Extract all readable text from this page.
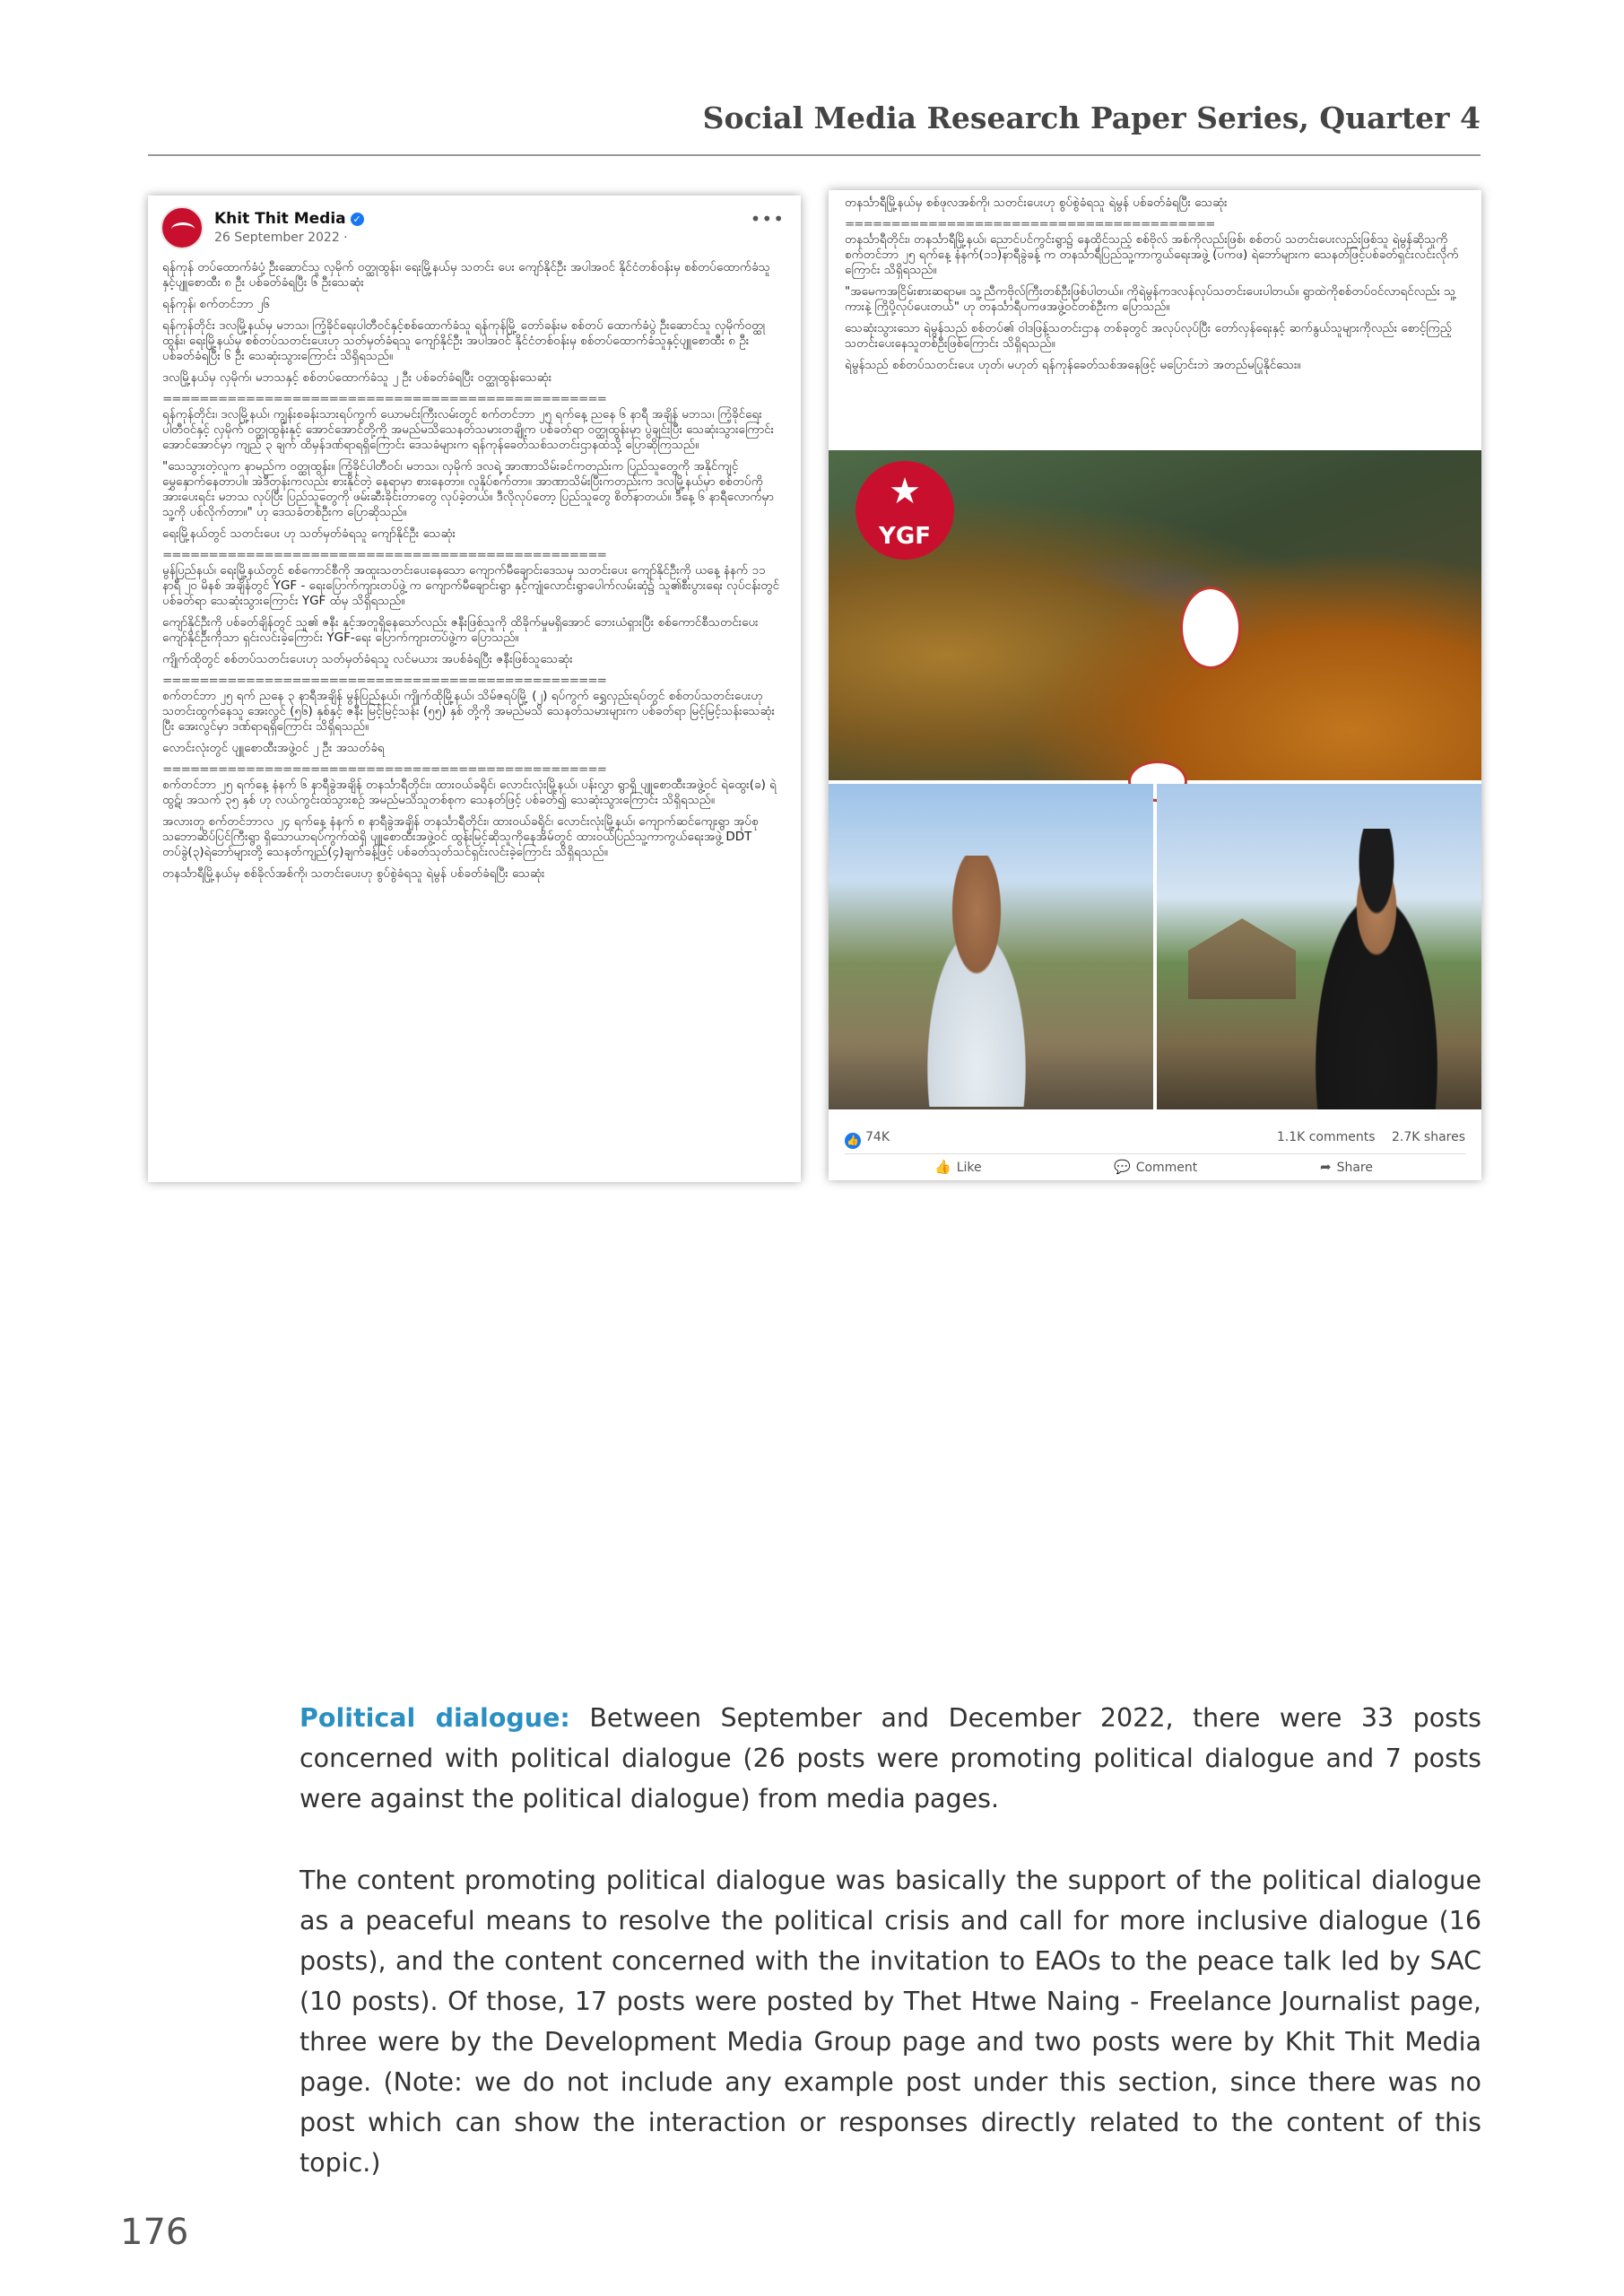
Social Media Research Paper Series, Quarter 4
Khit Thit Media ✓
26 September 2022 ·
•••

ရန်ကုန် တပ်ထောက်ခံပုံ့ ဦးဆောင်သူ လှမိုက် ဝတ္ထုထွန်း၊ ရေးမြို့နယ်မှ သတင်း ပေး ကျော်နိုင်ဦး အပါအဝင် နိုင်ငံတစ်ဝန်းမှ စစ်တပ်ထောက်ခံသူ နှင့်ပျူစောထီး ၈ ဦး ပစ်ခတ်ခံရပြီး ၆ ဦးသေဆုံး

ရန်ကုန်၊ စက်တင်ဘာ ၂၆

ရန်ကုန်တိုင်း ဒလမြို့နယ်မှ မဘသ၊ ကြံ့ခိုင်ရေးပါတီဝင်နှင့်စစ်ထောက်ခံသူ ရန်ကုန်မြို့ တော်ခန်းမ စစ်တပ် ထောက်ခံပွဲ ဦးဆောင်သူ လှမိုက်ဝတ္ထုထွန်း၊ ရေးမြို့နယ်မှ စစ်တပ်သတင်းပေးဟု သတ်မှတ်ခံရသူ ကျော်နိုင်ဦး အပါအဝင် နိုင်ငံတစ်ဝန်းမှ စစ်တပ်ထောက်ခံသူနှင့်ပျူစောထီး ၈ ဦး ပစ်ခတ်ခံရပြီး ၆ ဦး သေဆုံးသွားကြောင်း သိရှိရသည်။

ဒလမြို့နယ်မှ လှမိုက်၊ မဘသနှင့် စစ်တပ်ထောက်ခံသူ ၂ ဦး ပစ်ခတ်ခံရပြီး ဝတ္ထုထွန်းသေဆုံး

================================================

ရန်ကုန်တိုင်း၊ ဒလမြို့နယ်၊ ကျွန်းစခန်းသားရပ်ကွက် ယောမင်းကြီးလမ်းတွင် စက်တင်ဘာ ၂၅ ရက်နေ့ ညနေ ၆ နာရီ အချိန် မဘသ၊ ကြံ့ခိုင်ရေးပါတီဝင်နှင့် လှမိုက် ဝတ္ထုထွန်းနှင့် အောင်အောင်တို့ကို အမည်မသိသေနတ်သမားတချို့က ပစ်ခတ်ရာ ဝတ္ထုထွန်းမှာ ပွဲချင်းပြီး သေဆုံးသွားကြောင်း အောင်အောင်မှာ ကျည် ၃ ချက် ထိမှန်ဒဏ်ရာရရှိကြောင်း ဒေသခံများက ရန်ကုန်ခေတ်သစ်သတင်းဌာနထံသို့ ပြောဆိုကြသည်။

"သေသွားတဲ့လူက နာမည်က ဝတ္ထုထွန်း။ ကြံ့ခိုင်ပါတီဝင်၊ မဘသ၊ လှမိုက် ဒလရဲ့ အာဏာသိမ်းခင်ကတည်းက ပြည်သူတွေကို အနိုင်ကျင့် မွှေနှောက်နေတာပါ။ အဲဒီတုန်းကလည်း စားနိုင်တဲ့ နေရာမှာ စားနေတာ။ လူနှိပ်စက်တာ။ အာဏာသိမ်းပြီးကတည်းက ဒလမြို့နယ်မှာ စစ်တပ်ကို အားပေးရင်း မဘသ လုပ်ပြီး ပြည်သူတွေကို ဖမ်းဆီးခိုင်းတာတွေ လုပ်ခဲ့တယ်။ ဒီလိုလုပ်တော့ ပြည်သူတွေ စိတ်နာတယ်။ ဒီနေ့ ၆ နာရီလောက်မှာ သူ့ကို ပစ်လိုက်တာ။" ဟု ဒေသခံတစ်ဦးက ပြောဆိုသည်။

ရေးမြို့နယ်တွင် သတင်းပေး ဟု သတ်မှတ်ခံရသူ ကျော်နိုင်ဦး သေဆုံး

================================================

မွန်ပြည်နယ်၊ ရေးမြို့နယ်တွင် စစ်ကောင်စီကို အထူးသတင်းပေးနေသော ကျောက်မီချောင်းဒေသမှ သတင်းပေး ကျော်နိုင်ဦးကို ယနေ့ နံနက် ၁၁ နာရီ ၂၀ မိနစ် အချိန်တွင် YGF - ရေးပြောက်ကျားတပ်ဖွဲ့ က ကျောက်မီချောင်းရွာ နှင့်ကျုံလောင်းရွာပေါက်လမ်းဆုံ၌ သူ၏စီးပွားရေး လုပ်ငန်းတွင် ပစ်ခတ်ရာ သေဆုံးသွားကြောင်း YGF ထံမှ သိရှိရသည်။

ကျော်နိုင်ဦးကို ပစ်ခတ်ချိန်တွင် သူ၏ ဇနီး နှင့်အတူရှိနေသော်လည်း ဇနီးဖြစ်သူကို ထိခိုက်မှုမရှိအောင် ဘေးယံရှားပြီး စစ်ကောင်စီသတင်းပေး ကျော်နိုင်ဦးကိုသာ ရှင်းလင်းခဲ့ကြောင်း YGF-ရေး ပြောက်ကျားတပ်ဖွဲ့က ပြောသည်။

ကျိုက်ထိုတွင် စစ်တပ်သတင်းပေးဟု သတ်မှတ်ခံရသူ လင်မယား အပစ်ခံရပြီး ဇနီးဖြစ်သူသေဆုံး

================================================

စက်တင်ဘာ ၂၅ ရက် ညနေ ၃ နာရီအချိန် မွန်ပြည်နယ်၊ ကျိုက်ထိုမြို့နယ်၊ သိမ်ဇရပ်မြို့ (၂) ရပ်ကွက် ရွှေလှည်းရပ်တွင် စစ်တပ်သတင်းပေးဟု သတင်းထွက်နေသူ အေးလွင် (၅၆) နှစ်နှင့် ဇနီး မြင့်မြင့်သန်း (၅၅) နှစ် တို့ကို အမည်မသိ သေနတ်သမားများက ပစ်ခတ်ရာ မြင့်မြင့်သန်းသေဆုံးပြီး အေးလွင်မှာ ဒဏ်ရာရရှိကြောင်း သိရှိရသည်။

လောင်းလုံးတွင် ပျူစောထီးအဖွဲ့ဝင် ၂ ဦး အသတ်ခံရ

================================================

စက်တင်ဘာ ၂၅ ရက်နေ့ နံနက် ၆ နာရီခွဲအချိန် တနင်္သာရီတိုင်း၊ ထားဝယ်ခရိုင်၊ လောင်းလုံးမြို့နယ်၊ ပန်းလွှာ ရွာရှိ ပျူစောထီးအဖွဲ့ဝင် ရဲထွေး(ခ) ရဲထွဋ်၊ အသက် ၃၅ နှစ် ဟု လယ်ကွင်းထဲသွားစဥ် အမည်မသိသူတစ်စုက သေနတ်ဖြင့် ပစ်ခတ်၍ သေဆုံးသွားကြောင်း သိရှိရသည်။

အလားတူ စက်တင်ဘာလ ၂၄ ရက်နေ့ နံနက် ၈ နာရီခွဲအချိန် တနင်္သာရီတိုင်း၊ ထားဝယ်ခရိုင်၊ လောင်းလုံးမြို့နယ်၊ ကျောက်ဆင်ကျေးရွာ အုပ်စုသဘောဆိပ်ပြင်ကြီးရွာ ရှိသောယာရပ်ကွက်ထဲရှိ ပျူစောထီးအဖွဲ့ဝင် ထွန်းမြင့်ဆိုသူကိုနေအိမ်တွင် ထားဝယ်ပြည်သူ့ကာကွယ်ရေးအဖွဲ့ DDT တပ်ခွဲ(၃)ရဲဘော်များတို့ သေနတ်ကျည်(၄)ချက်ခန့်ဖြင့် ပစ်ခတ်သုတ်သင်ရှင်းလင်းခဲ့ကြောင်း သိရှိရသည်။

တနင်္သာရီမြို့နယ်မှ စစ်ခိုလ်အစ်ကို၊ သတင်းပေးဟု စွပ်စွဲခံရသူ ရဲမွန် ပစ်ခတ်ခံရပြီး သေဆုံး

တနင်္သာရီမြို့နယ်မှ စစ်ဖုလအစ်ကို၊ သတင်းပေးဟု စွပ်စွဲခံရသူ ရဲမွန် ပစ်ခတ်ခံရပြီး သေဆုံး

========================================

တနင်္သာရီတိုင်း၊ တနင်္သာရီမြို့နယ်၊ ညောင်ပင်ကွင်းရွာ၌ နေထိုင်သည့် စစ်ဗိုလ် အစ်ကိုလည်းဖြစ်၊ စစ်တပ် သတင်းပေးလည်းဖြစ်သူ ရဲမွန်ဆိုသူကို စက်တင်ဘာ ၂၅ ရက်နေ့ နံနက်(၁၁)နာရီခွဲခန့် က တနင်္သာရီပြည်သူ့ကာကွယ်ရေးအဖွဲ့ (ပကဖ) ရဲဘော်များက သေနတ်ဖြင့်ပစ်ခတ်ရှင်းလင်းလိုက်ကြောင်း သိရှိရသည်။

"အမေကအငြိမ်းစားဆရာမ။ သူ့ညီကဗိုလ်ကြီးတစ်ဦးဖြစ်ပါတယ်။ ကိုရဲမွန်ကဒလန်လုပ်သတင်းပေးပါတယ်။ ရွာထဲကိုစစ်တပ်ဝင်လာရင်လည်း သူ့ကားနဲ့ ကြိုပို့လုပ်ပေးတယ်" ဟု တနင်္သာရီပကဖအဖွဲ့ဝင်တစ်ဦးက ပြောသည်။

သေဆုံးသွားသော ရဲမွန်သည် စစ်တပ်၏ ဝါဒဖြန့်သတင်းဌာန တစ်ခုတွင် အလုပ်လုပ်ပြီး တော်လှန်ရေးနှင့် ဆက်နွယ်သူများကိုလည်း စောင့်ကြည့်သတင်းပေးနေသူတစ်ဦးဖြစ်ကြောင်း သိရှိရသည်။

ရဲမွန်သည် စစ်တပ်သတင်းပေး ဟုတ်၊ မဟုတ် ရန်ကုန်ခေတ်သစ်အနေဖြင့် မပြောင်းဘဲ အတည်မပြုနိုင်သေး။

★
YGF
👍 74K	1.1K comments 2.7K shares
👍 Like	💬 Comment	➦ Share

Political dialogue: Between September and December 2022, there were 33 posts concerned with political dialogue (26 posts were promoting political dialogue and 7 posts were against the political dialogue) from media pages.

The content promoting political dialogue was basically the support of the political dialogue as a peaceful means to resolve the political crisis and call for more inclusive dialogue (16 posts), and the content concerned with the invitation to EAOs to the peace talk led by SAC (10 posts). Of those, 17 posts were posted by Thet Htwe Naing - Freelance Journalist page, three were by the Development Media Group page and two posts were by Khit Thit Media page. (Note: we do not include any example post under this section, since there was no post which can show the interaction or responses directly related to the content of this topic.)

176
